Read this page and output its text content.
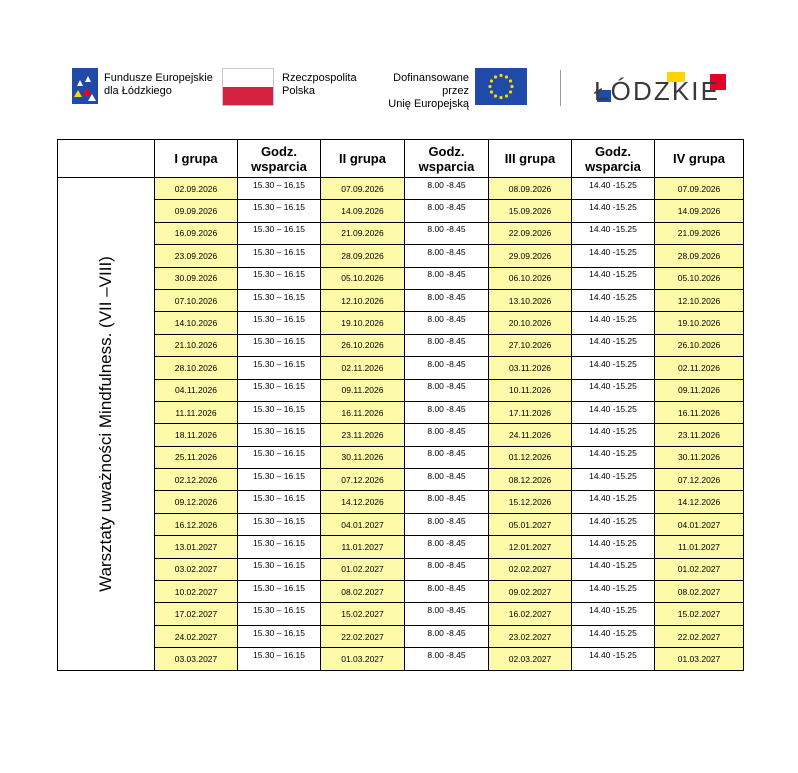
Fundusze Europejskie
dla Łódzkiego
Rzeczpospolita
Polska
Dofinansowane przez
Unię Europejską	ŁÓDZKIE
	I grupa	Godz. wsparcia	II grupa	Godz. wsparcia	III grupa	Godz. wsparcia	IV grupa

Warsztaty uważności Mindfulness. (VII –VIII)	02.09.2026	15.30 – 16.15	07.09.2026	8.00 -8.45	08.09.2026	14.40 -15.25	07.09.2026
	09.09.2026	15.30 – 16.15	14.09.2026	8.00 -8.45	15.09.2026	14.40 -15.25	14.09.2026
	16.09.2026	15.30 – 16.15	21.09.2026	8.00 -8.45	22.09.2026	14.40 -15.25	21.09.2026
	23.09.2026	15.30 – 16.15	28.09.2026	8.00 -8.45	29.09.2026	14.40 -15.25	28.09.2026
	30.09.2026	15.30 – 16.15	05.10.2026	8.00 -8.45	06.10.2026	14.40 -15.25	05.10.2026
	07.10.2026	15.30 – 16.15	12.10.2026	8.00 -8.45	13.10.2026	14.40 -15.25	12.10.2026
	14.10.2026	15.30 – 16.15	19.10.2026	8.00 -8.45	20.10.2026	14.40 -15.25	19.10.2026
	21.10.2026	15.30 – 16.15	26.10.2026	8.00 -8.45	27.10.2026	14.40 -15.25	26.10.2026
	28.10.2026	15.30 – 16.15	02.11.2026	8.00 -8.45	03.11.2026	14.40 -15.25	02.11.2026
	04.11.2026	15.30 – 16.15	09.11.2026	8.00 -8.45	10.11.2026	14.40 -15.25	09.11.2026
	11.11.2026	15.30 – 16.15	16.11.2026	8.00 -8.45	17.11.2026	14.40 -15.25	16.11.2026
	18.11.2026	15.30 – 16.15	23.11.2026	8.00 -8.45	24.11.2026	14.40 -15.25	23.11.2026
	25.11.2026	15.30 – 16.15	30.11.2026	8.00 -8.45	01.12.2026	14.40 -15.25	30.11.2026
	02.12.2026	15.30 – 16.15	07.12.2026	8.00 -8.45	08.12.2026	14.40 -15.25	07.12.2026
	09.12.2026	15.30 – 16.15	14.12.2026	8.00 -8.45	15.12.2026	14.40 -15.25	14.12.2026
	16.12.2026	15.30 – 16.15	04.01.2027	8.00 -8.45	05.01.2027	14.40 -15.25	04.01.2027
	13.01.2027	15.30 – 16.15	11.01.2027	8.00 -8.45	12.01.2027	14.40 -15.25	11.01.2027
	03.02.2027	15.30 – 16.15	01.02.2027	8.00 -8.45	02.02.2027	14.40 -15.25	01.02.2027
	10.02.2027	15.30 – 16.15	08.02.2027	8.00 -8.45	09.02.2027	14.40 -15.25	08.02.2027
	17.02.2027	15.30 – 16.15	15.02.2027	8.00 -8.45	16.02.2027	14.40 -15.25	15.02.2027
	24.02.2027	15.30 – 16.15	22.02.2027	8.00 -8.45	23.02.2027	14.40 -15.25	22.02.2027
	03.03.2027	15.30 – 16.15	01.03.2027	8.00 -8.45	02.03.2027	14.40 -15.25	01.03.2027
